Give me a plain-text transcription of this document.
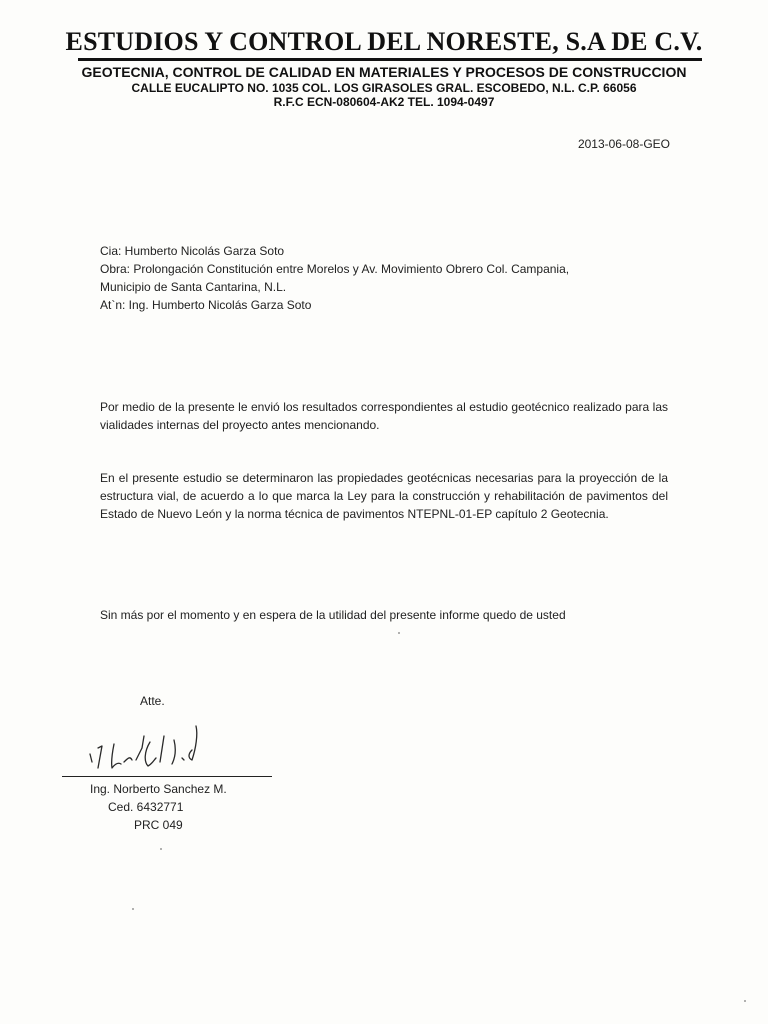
ESTUDIOS Y CONTROL DEL NORESTE, S.A DE C.V.
GEOTECNIA, CONTROL DE CALIDAD EN MATERIALES Y PROCESOS DE CONSTRUCCION
CALLE EUCALIPTO NO. 1035 COL. LOS GIRASOLES GRAL. ESCOBEDO, N.L. C.P. 66056
R.F.C ECN-080604-AK2 TEL. 1094-0497
2013-06-08-GEO
Cia: Humberto Nicolás Garza Soto
Obra: Prolongación Constitución entre Morelos y Av. Movimiento Obrero Col. Campania,
Municipio de Santa Cantarina, N.L.
At`n: Ing. Humberto Nicolás Garza Soto
Por medio de la presente le envió los resultados correspondientes al estudio geotécnico realizado para las vialidades internas del proyecto antes mencionando.
En el presente estudio se determinaron las propiedades geotécnicas necesarias para la proyección de la estructura vial, de acuerdo a lo que marca la Ley para la construcción y rehabilitación de pavimentos del Estado de Nuevo León y la norma técnica de pavimentos NTEPNL-01-EP capítulo 2 Geotecnia.
Sin más por el momento y en espera de la utilidad del presente informe quedo de usted
Atte.
Ing. Norberto Sanchez M.
Ced. 6432771
PRC 049
